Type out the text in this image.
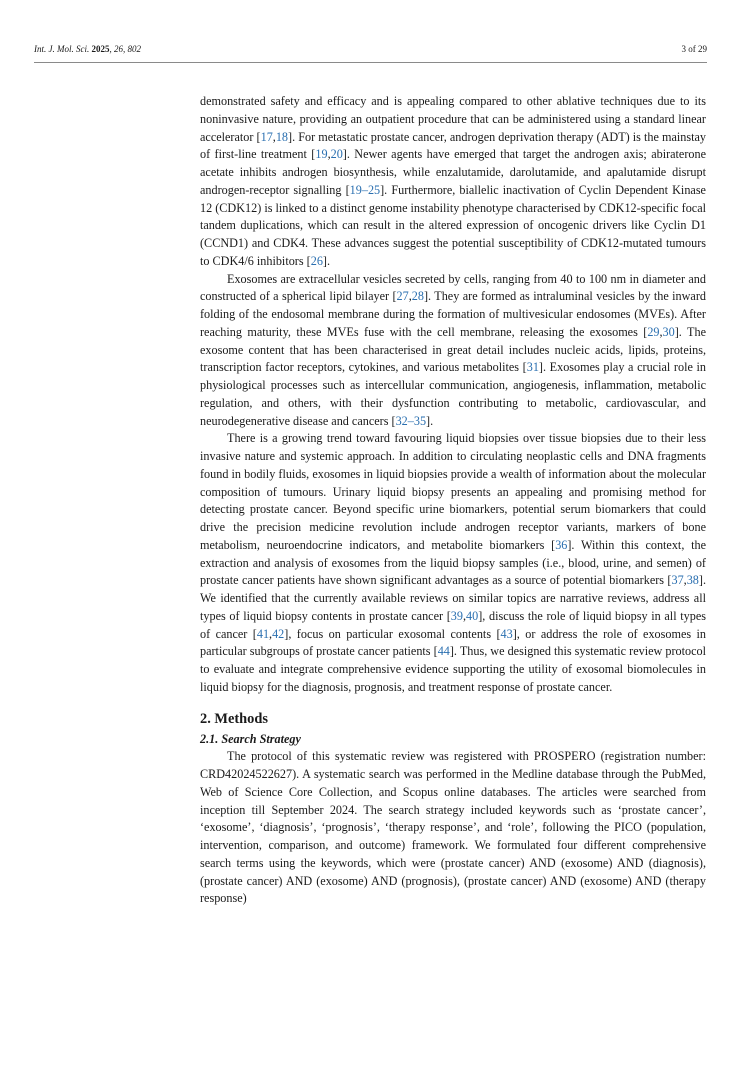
Int. J. Mol. Sci. 2025, 26, 802	3 of 29

demonstrated safety and efficacy and is appealing compared to other ablative techniques due to its noninvasive nature, providing an outpatient procedure that can be administered using a standard linear accelerator [17,18]. For metastatic prostate cancer, androgen deprivation therapy (ADT) is the mainstay of first-line treatment [19,20]. Newer agents have emerged that target the androgen axis; abiraterone acetate inhibits androgen biosynthesis, while enzalutamide, darolutamide, and apalutamide disrupt androgen-receptor signalling [19–25]. Furthermore, biallelic inactivation of Cyclin Dependent Kinase 12 (CDK12) is linked to a distinct genome instability phenotype characterised by CDK12-specific focal tandem duplications, which can result in the altered expression of oncogenic drivers like Cyclin D1 (CCND1) and CDK4. These advances suggest the potential susceptibility of CDK12-mutated tumours to CDK4/6 inhibitors [26].

Exosomes are extracellular vesicles secreted by cells, ranging from 40 to 100 nm in diameter and constructed of a spherical lipid bilayer [27,28]. They are formed as intraluminal vesicles by the inward folding of the endosomal membrane during the formation of multivesicular endosomes (MVEs). After reaching maturity, these MVEs fuse with the cell membrane, releasing the exosomes [29,30]. The exosome content that has been characterised in great detail includes nucleic acids, lipids, proteins, transcription factor receptors, cytokines, and various metabolites [31]. Exosomes play a crucial role in physiological processes such as intercellular communication, angiogenesis, inflammation, metabolic regulation, and others, with their dysfunction contributing to metabolic, cardiovascular, and neurodegenerative disease and cancers [32–35].

There is a growing trend toward favouring liquid biopsies over tissue biopsies due to their less invasive nature and systemic approach. In addition to circulating neoplastic cells and DNA fragments found in bodily fluids, exosomes in liquid biopsies provide a wealth of information about the molecular composition of tumours. Urinary liquid biopsy presents an appealing and promising method for detecting prostate cancer. Beyond specific urine biomarkers, potential serum biomarkers that could drive the precision medicine revolution include androgen receptor variants, markers of bone metabolism, neuroendocrine indicators, and metabolite biomarkers [36]. Within this context, the extraction and analysis of exosomes from the liquid biopsy samples (i.e., blood, urine, and semen) of prostate cancer patients have shown significant advantages as a source of potential biomarkers [37,38]. We identified that the currently available reviews on similar topics are narrative reviews, address all types of liquid biopsy contents in prostate cancer [39,40], discuss the role of liquid biopsy in all types of cancer [41,42], focus on particular exosomal contents [43], or address the role of exosomes in particular subgroups of prostate cancer patients [44]. Thus, we designed this systematic review protocol to evaluate and integrate comprehensive evidence supporting the utility of exosomal biomolecules in liquid biopsy for the diagnosis, prognosis, and treatment response of prostate cancer.

2. Methods
2.1. Search Strategy

The protocol of this systematic review was registered with PROSPERO (registration number: CRD42024522627). A systematic search was performed in the Medline database through the PubMed, Web of Science Core Collection, and Scopus online databases. The articles were searched from inception till September 2024. The search strategy included keywords such as ‘prostate cancer’, ‘exosome’, ‘diagnosis’, ‘prognosis’, ‘therapy response’, and ‘role’, following the PICO (population, intervention, comparison, and outcome) framework. We formulated four different comprehensive search terms using the keywords, which were (prostate cancer) AND (exosome) AND (diagnosis), (prostate cancer) AND (exosome) AND (prognosis), (prostate cancer) AND (exosome) AND (therapy response)
